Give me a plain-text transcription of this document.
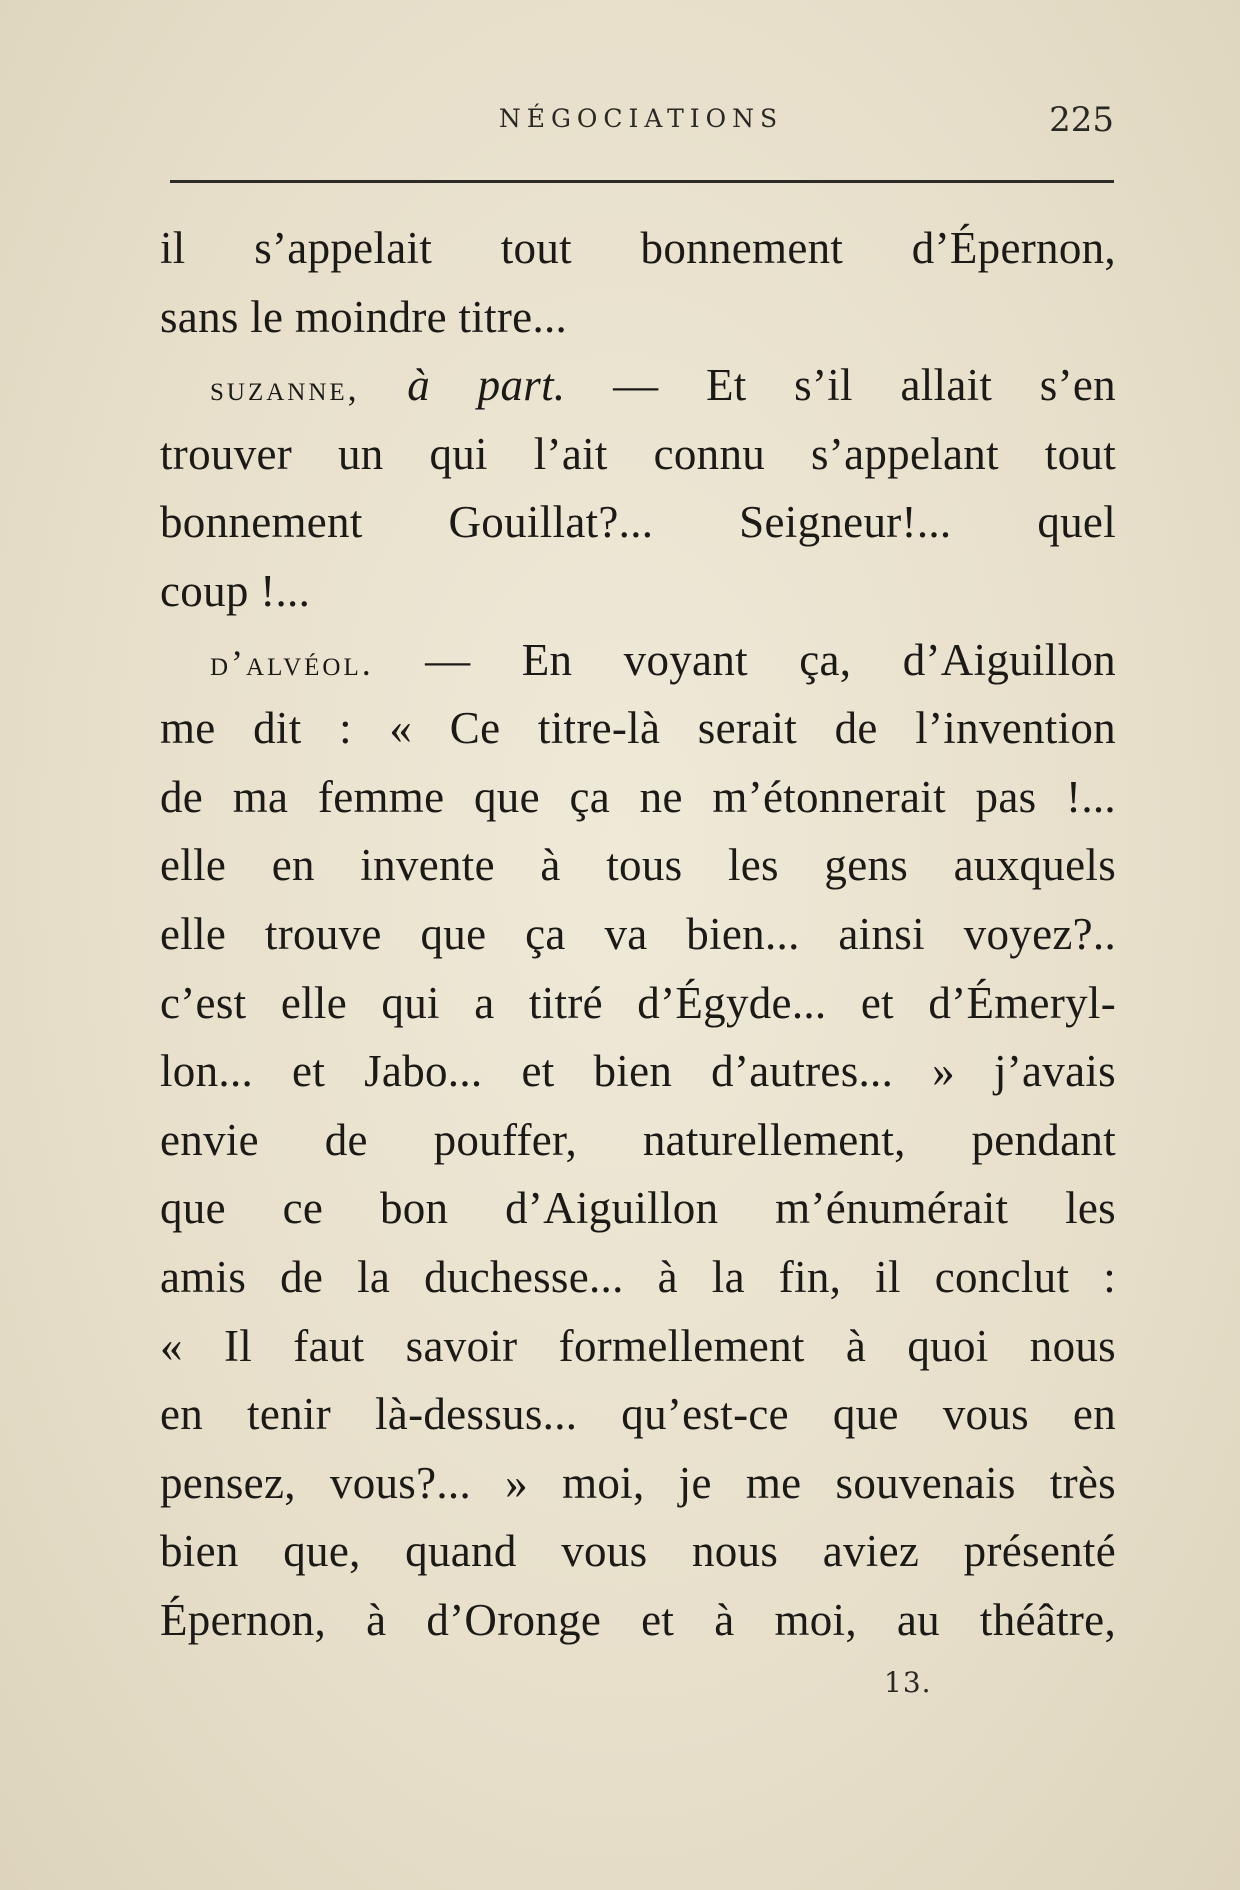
NÉGOCIATIONS	225
il s’appelait tout bonnement d’Épernon,
sans le moindre titre...
suzanne, à part. — Et s’il allait s’en
trouver un qui l’ait connu s’appelant tout
bonnement Gouillat?... Seigneur!... quel
coup !...
d’alvéol. — En voyant ça, d’Aiguillon
me dit : « Ce titre-là serait de l’invention
de ma femme que ça ne m’étonnerait pas !...
elle en invente à tous les gens auxquels
elle trouve que ça va bien... ainsi voyez?..
c’est elle qui a titré d’Égyde... et d’Émeryl-
lon... et Jabo... et bien d’autres... » j’avais
envie de pouffer, naturellement, pendant
que ce bon d’Aiguillon m’énumérait les
amis de la duchesse... à la fin, il conclut :
« Il faut savoir formellement à quoi nous
en tenir là-dessus... qu’est-ce que vous en
pensez, vous?... » moi, je me souvenais très
bien que, quand vous nous aviez présenté
Épernon, à d’Oronge et à moi, au théâtre,
13.
